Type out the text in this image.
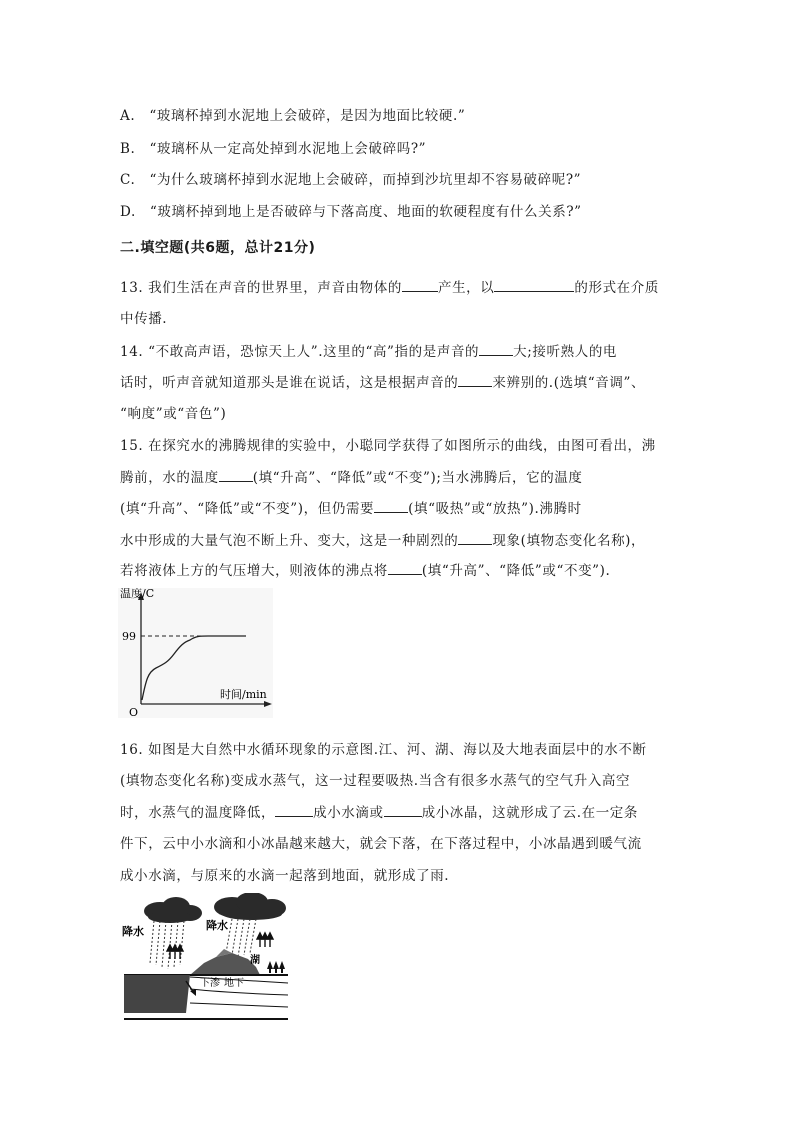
A.　“玻璃杯掉到水泥地上会破碎，是因为地面比较硬.”
B.　“玻璃杯从一定高处掉到水泥地上会破碎吗?”
C.　“为什么玻璃杯掉到水泥地上会破碎，而掉到沙坑里却不容易破碎呢?”
D.　“玻璃杯掉到地上是否破碎与下落高度、地面的软硬程度有什么关系?”
二.填空题(共6题，总计21分)
13. 我们生活在声音的世界里，声音由物体的	产生，以	的形式在介质
中传播.
14. “不敢高声语，恐惊天上人”.这里的“高”指的是声音的	大;接听熟人的电
话时，听声音就知道那头是谁在说话，这是根据声音的	来辨别的.(选填“音调”、
“响度”或“音色”)
15. 在探究水的沸腾规律的实验中，小聪同学获得了如图所示的曲线，由图可看出，沸
腾前，水的温度	(填“升高”、“降低”或“不变”);当水沸腾后，它的温度
(填“升高”、“降低”或“不变”)，但仍需要	(填“吸热”或“放热”).沸腾时
水中形成的大量气泡不断上升、变大，这是一种剧烈的	现象(填物态变化名称)，
若将液体上方的气压增大，则液体的沸点将	(填“升高”、“降低”或“不变”).
温度/C
99
时间/min
O
16. 如图是大自然中水循环现象的示意图.江、河、湖、海以及大地表面层中的水不断
(填物态变化名称)变成水蒸气，这一过程要吸热.当含有很多水蒸气的空气升入高空
时，水蒸气的温度降低，	成小水滴或	成小冰晶，这就形成了云.在一定条
件下，云中小水滴和小冰晶越来越大，就会下落，在下落过程中，小冰晶遇到暖气流
成小水滴，与原来的水滴一起落到地面，就形成了雨.
降水	降水
湖
下渗 地下
